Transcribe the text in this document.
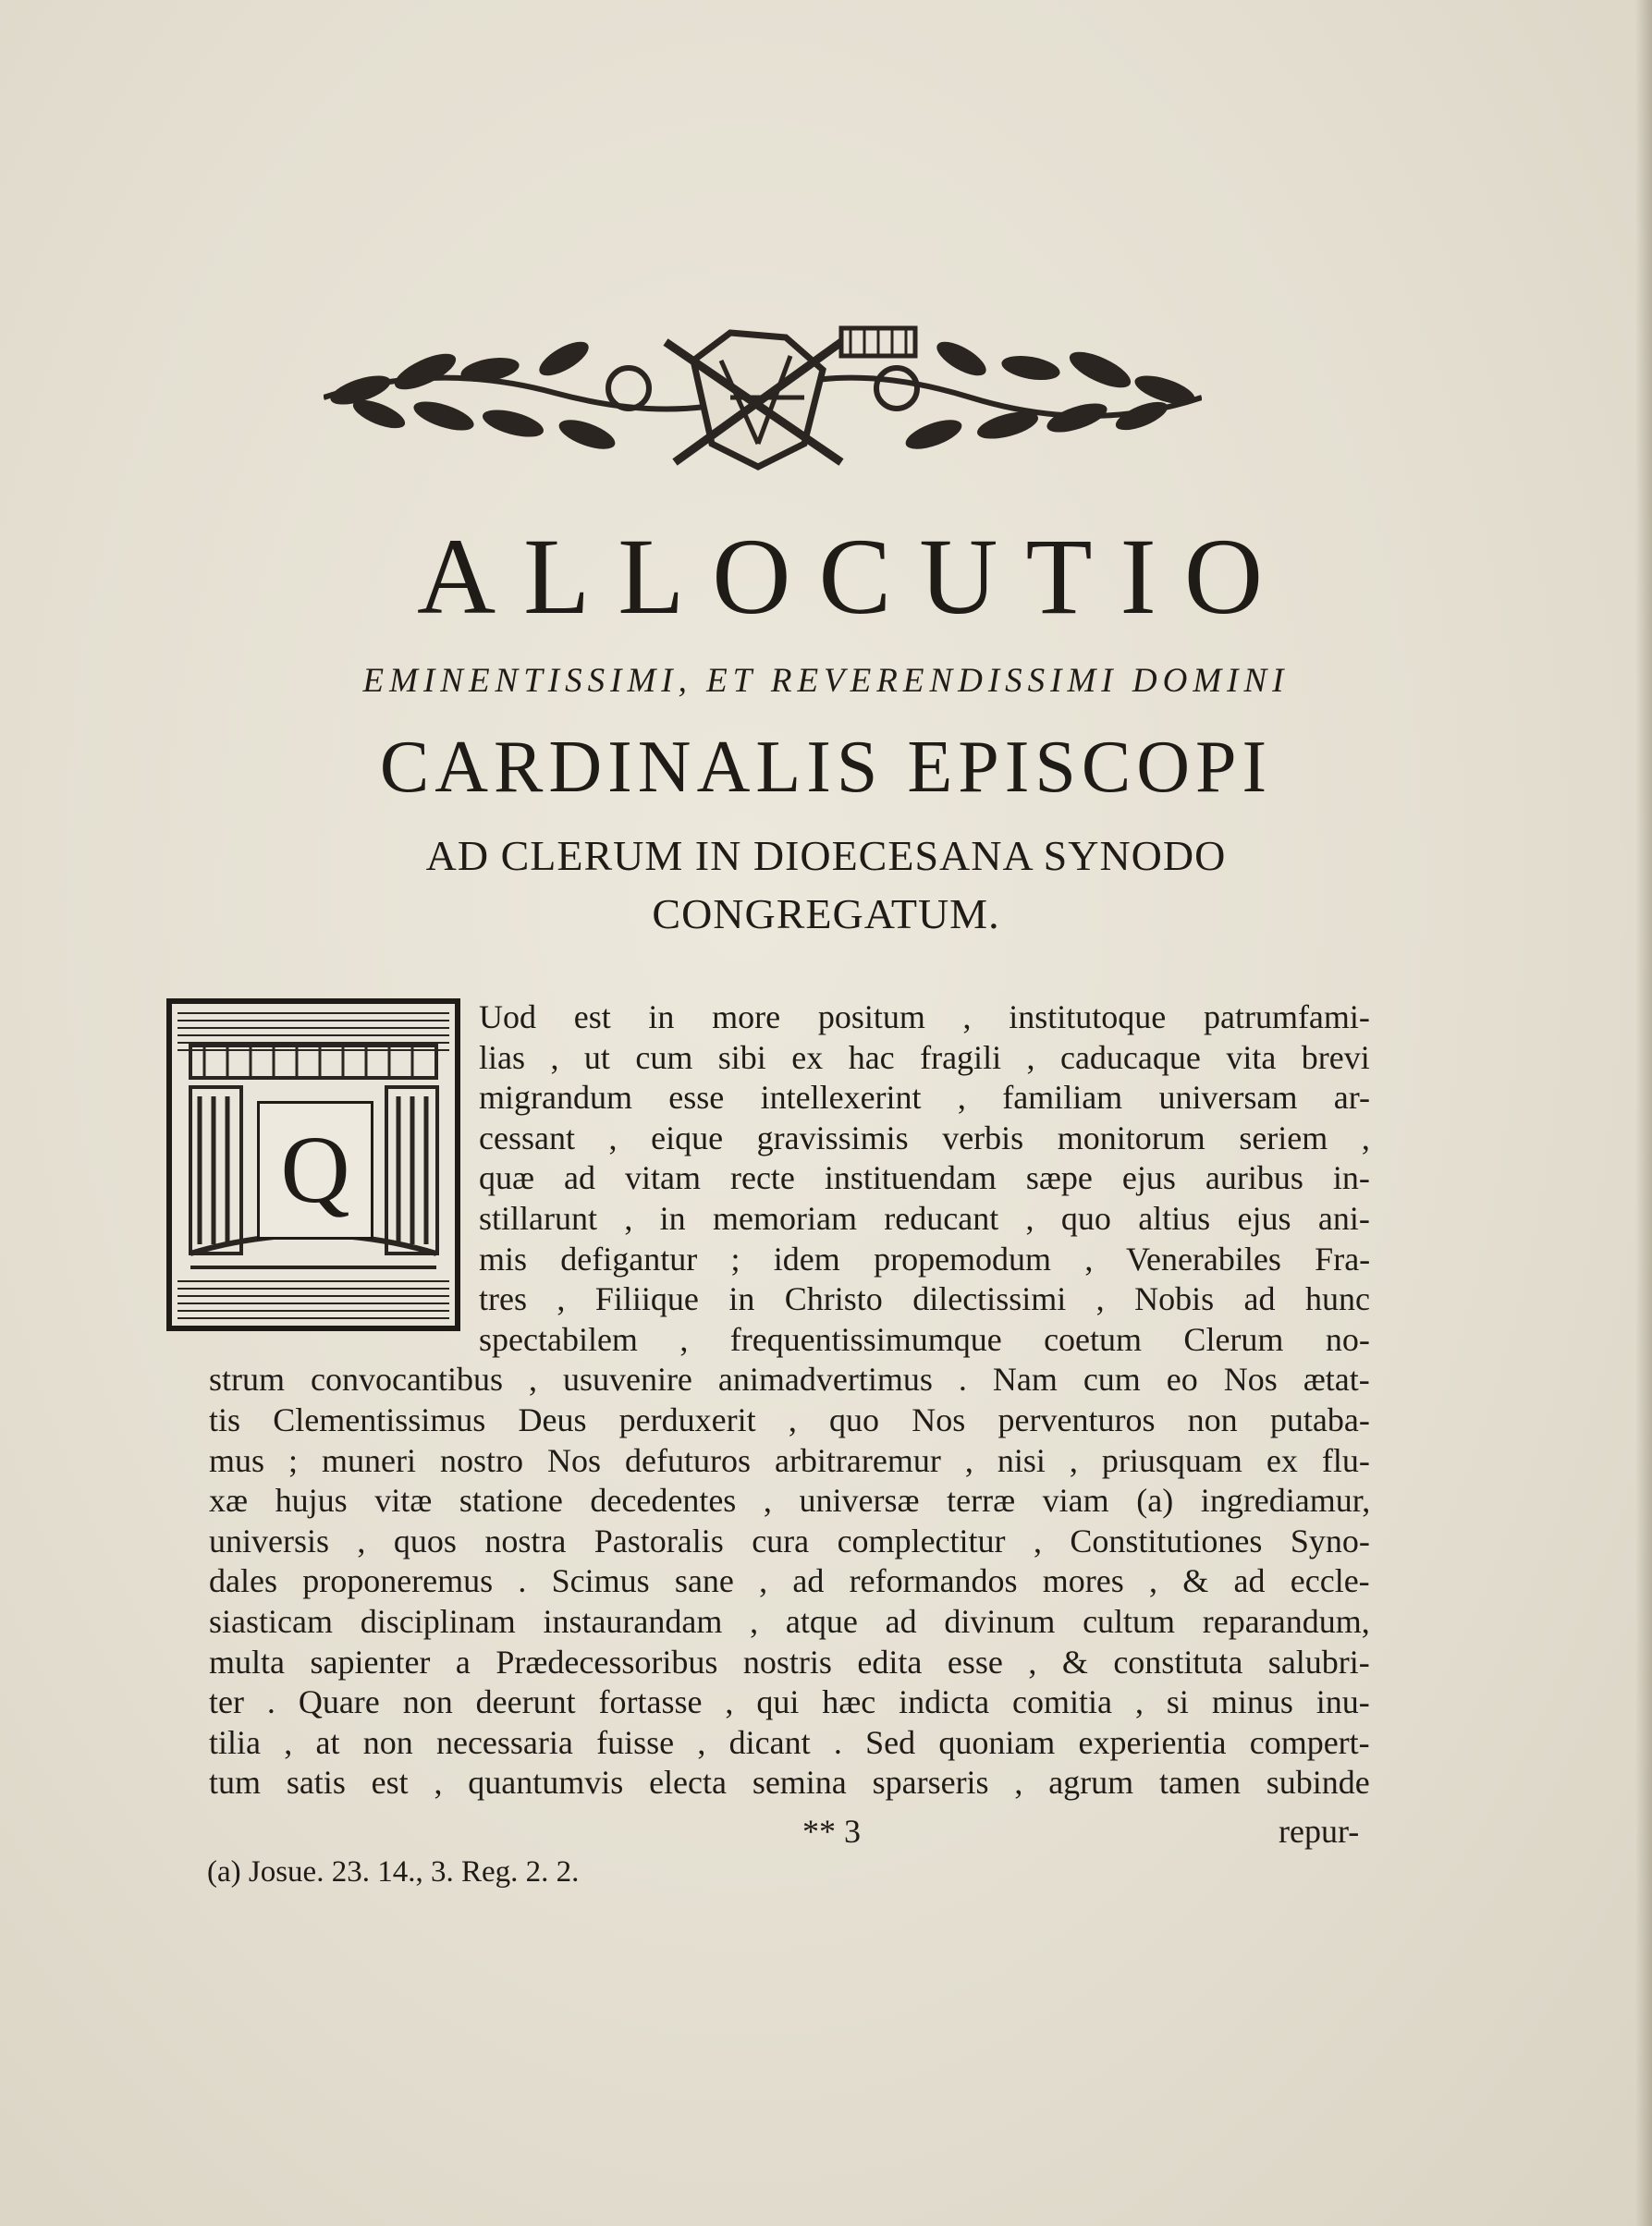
ALLOCUTIO
EMINENTISSIMI, ET REVERENDISSIMI DOMINI
CARDINALIS EPISCOPI
AD CLERUM IN DIOECESANA SYNODO
CONGREGATUM.
Q
Uod est in more positum , institutoque patrumfami-
lias , ut cum sibi ex hac fragili , caducaque vita brevi
migrandum esse intellexerint , familiam universam ar-
cessant , eique gravissimis verbis monitorum seriem ,
quæ ad vitam recte instituendam sæpe ejus auribus in-
stillarunt , in memoriam reducant , quo altius ejus ani-
mis defigantur ; idem propemodum , Venerabiles Fra-
tres , Filiique in Christo dilectissimi , Nobis ad hunc
spectabilem , frequentissimumque coetum Clerum no-
strum convocantibus , usuvenire animadvertimus . Nam cum eo Nos ætat-
tis Clementissimus Deus perduxerit , quo Nos perventuros non putaba-
mus ; muneri nostro Nos defuturos arbitraremur , nisi , priusquam ex flu-
xæ hujus vitæ statione decedentes , universæ terræ viam (a) ingrediamur,
universis , quos nostra Pastoralis cura complectitur , Constitutiones Syno-
dales proponeremus . Scimus sane , ad reformandos mores , & ad eccle-
siasticam disciplinam instaurandam , atque ad divinum cultum reparandum,
multa sapienter a Prædecessoribus nostris edita esse , & constituta salubri-
ter . Quare non deerunt fortasse , qui hæc indicta comitia , si minus inu-
tilia , at non necessaria fuisse , dicant . Sed quoniam experientia compert-
tum satis est , quantumvis electa semina sparseris , agrum tamen subinde
** 3	repur-
(a) Josue. 23. 14., 3. Reg. 2. 2.
